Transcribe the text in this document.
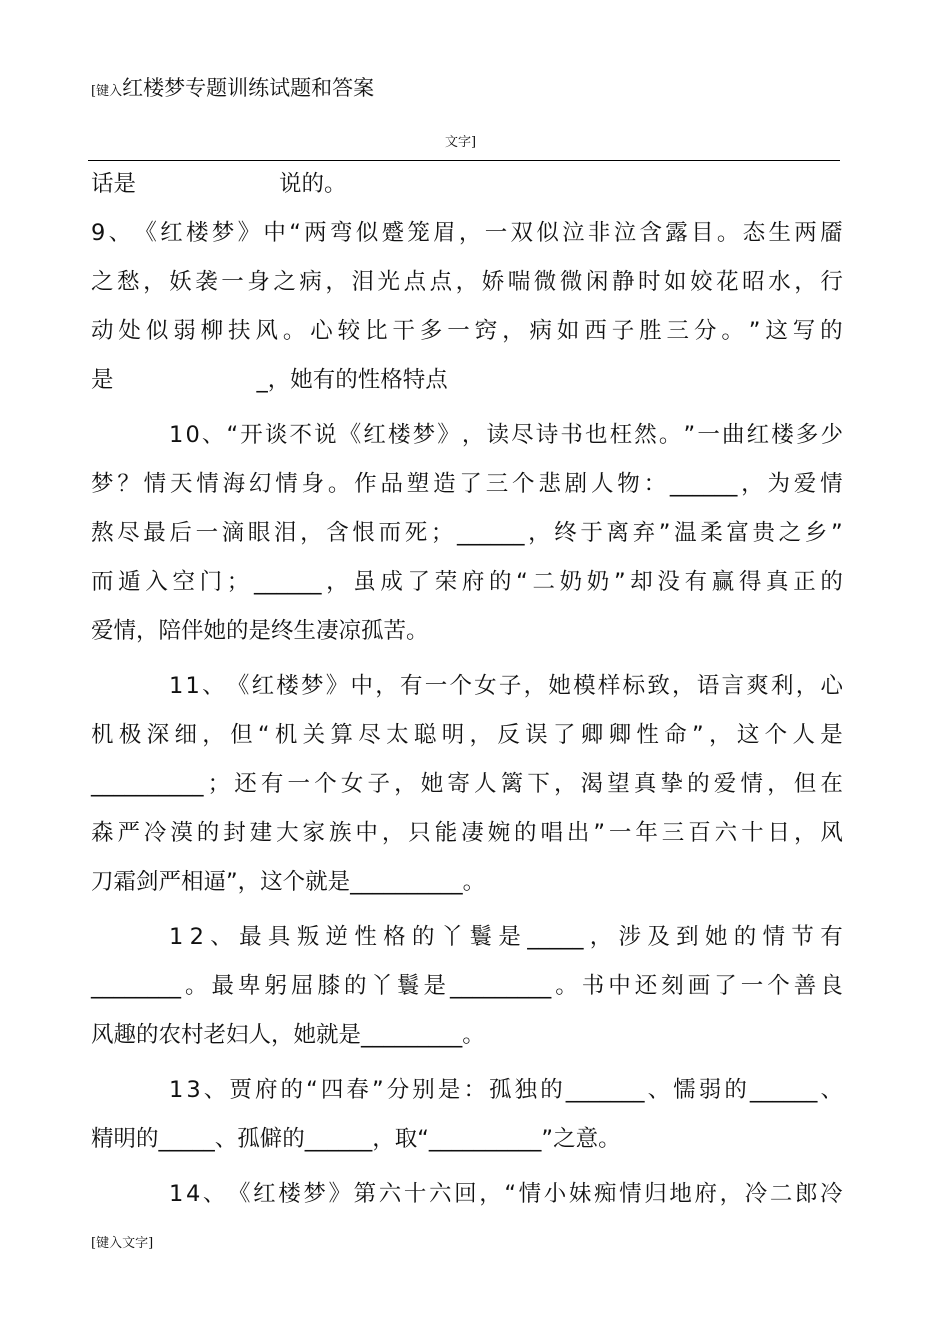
[键入红楼梦专题训练试题和答案
文字]
话是                    说的。
9 、 《 红 楼 梦 》 中 “ 两 弯 似 蹙 笼 眉 ， 一 双 似 泣 非 泣 含 露 目 。 态 生 两 靥
之 愁 ， 妖 袭 一 身 之 病 ， 泪 光 点 点 ， 娇 喘 微 微 闲 静 时 如 姣 花 昭 水 ， 行
动 处 似 弱 柳 扶 风 。 心 较 比 干 多 一 窍 ， 病 如 西 子 胜 三 分 。 ” 这 写 的
是                    _，她有的性格特点
1 0 、 “ 开 谈 不 说 《 红 楼 梦 》 ， 读 尽 诗 书 也 枉 然 。 ” 一 曲 红 楼 多 少
梦 ？ 情 天 情 海 幻 情 身 。 作 品 塑 造 了 三 个 悲 剧 人 物 ： ______ ， 为 爱 情
熬 尽 最 后 一 滴 眼 泪 ， 含 恨 而 死 ； ______ ， 终 于 离 弃 ” 温 柔 富 贵 之 乡 ”
而 遁 入 空 门 ； ______ ， 虽 成 了 荣 府 的 “ 二 奶 奶 ” 却 没 有 赢 得 真 正 的
爱情，陪伴她的是终生凄凉孤苦。
1 1 、 《 红 楼 梦 》 中 ， 有 一 个 女 子 ， 她 模 样 标 致 ， 语 言 爽 利 ， 心
机 极 深 细 ， 但 “ 机 关 算 尽 太 聪 明 ， 反 误 了 卿 卿 性 命 ” ， 这 个 人 是
__________ ； 还 有 一 个 女 子 ， 她 寄 人 篱 下 ， 渴 望 真 挚 的 爱 情 ， 但 在
森 严 冷 漠 的 封 建 大 家 族 中 ， 只 能 凄 婉 的 唱 出 ” 一 年 三 百 六 十 日 ， 风
刀霜剑严相逼”，这个就是__________。
1 2 、 最 具 叛 逆 性 格 的 丫 鬟 是 _____ ， 涉 及 到 她 的 情 节 有
________ 。 最 卑 躬 屈 膝 的 丫 鬟 是 _________ 。 书 中 还 刻 画 了 一 个 善 良
风趣的农村老妇人，她就是_________。
1 3 、 贾 府 的 “ 四 春 ” 分 别 是 ： 孤 独 的 _______ 、 懦 弱 的 ______ 、
精明的_____、孤僻的______，取“__________”之意。
1 4 、 《 红 楼 梦 》 第 六 十 六 回 ， “ 情 小 妹 痴 情 归 地 府 ， 冷 二 郎 冷
[键入文字]
